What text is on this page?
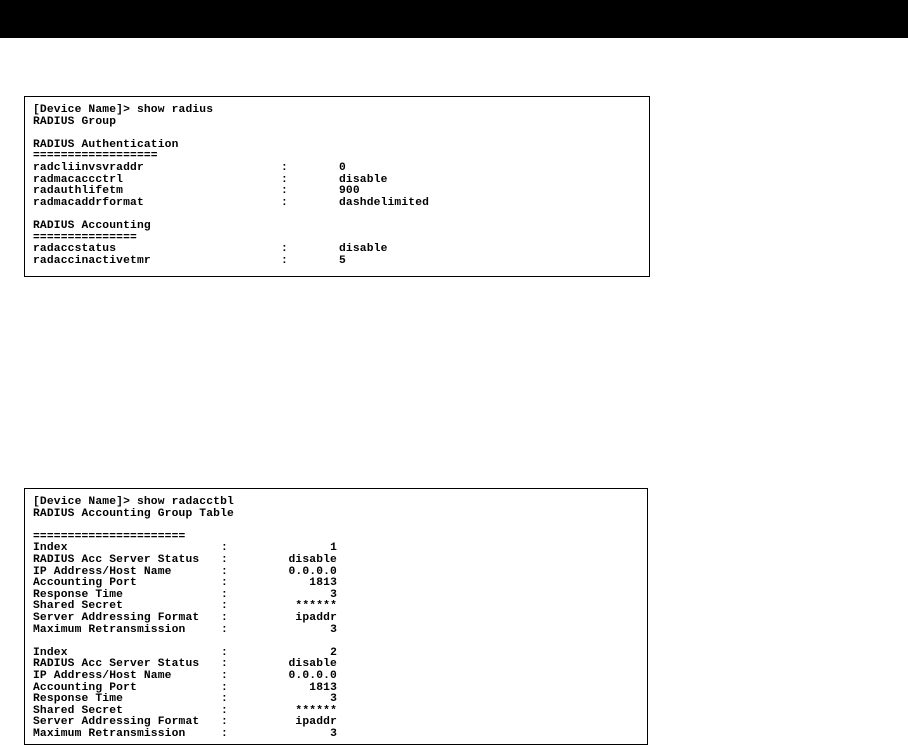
[Device Name]> show radius
RADIUS Group
RADIUS Authentication
==================
radcliinvsvraddr	:	0
radmacaccctrl	:	disable
radauthlifetm	:	900
radmacaddrformat	:	dashdelimited
RADIUS Accounting
===============
radaccstatus	:	disable
radaccinactivetmr	:	5
[Device Name]> show radacctbl
RADIUS Accounting Group Table
======================
Index	:	1
RADIUS Acc Server Status :	disable
IP Address/Host Name	:	0.0.0.0
Accounting Port	:	1813
Response Time	:	3
Shared Secret	:	******
Server Addressing Format :	ipaddr
Maximum Retransmission	:	3
Index	:	2
RADIUS Acc Server Status :	disable
IP Address/Host Name	:	0.0.0.0
Accounting Port	:	1813
Response Time	:	3
Shared Secret	:	******
Server Addressing Format :	ipaddr
Maximum Retransmission	:	3
